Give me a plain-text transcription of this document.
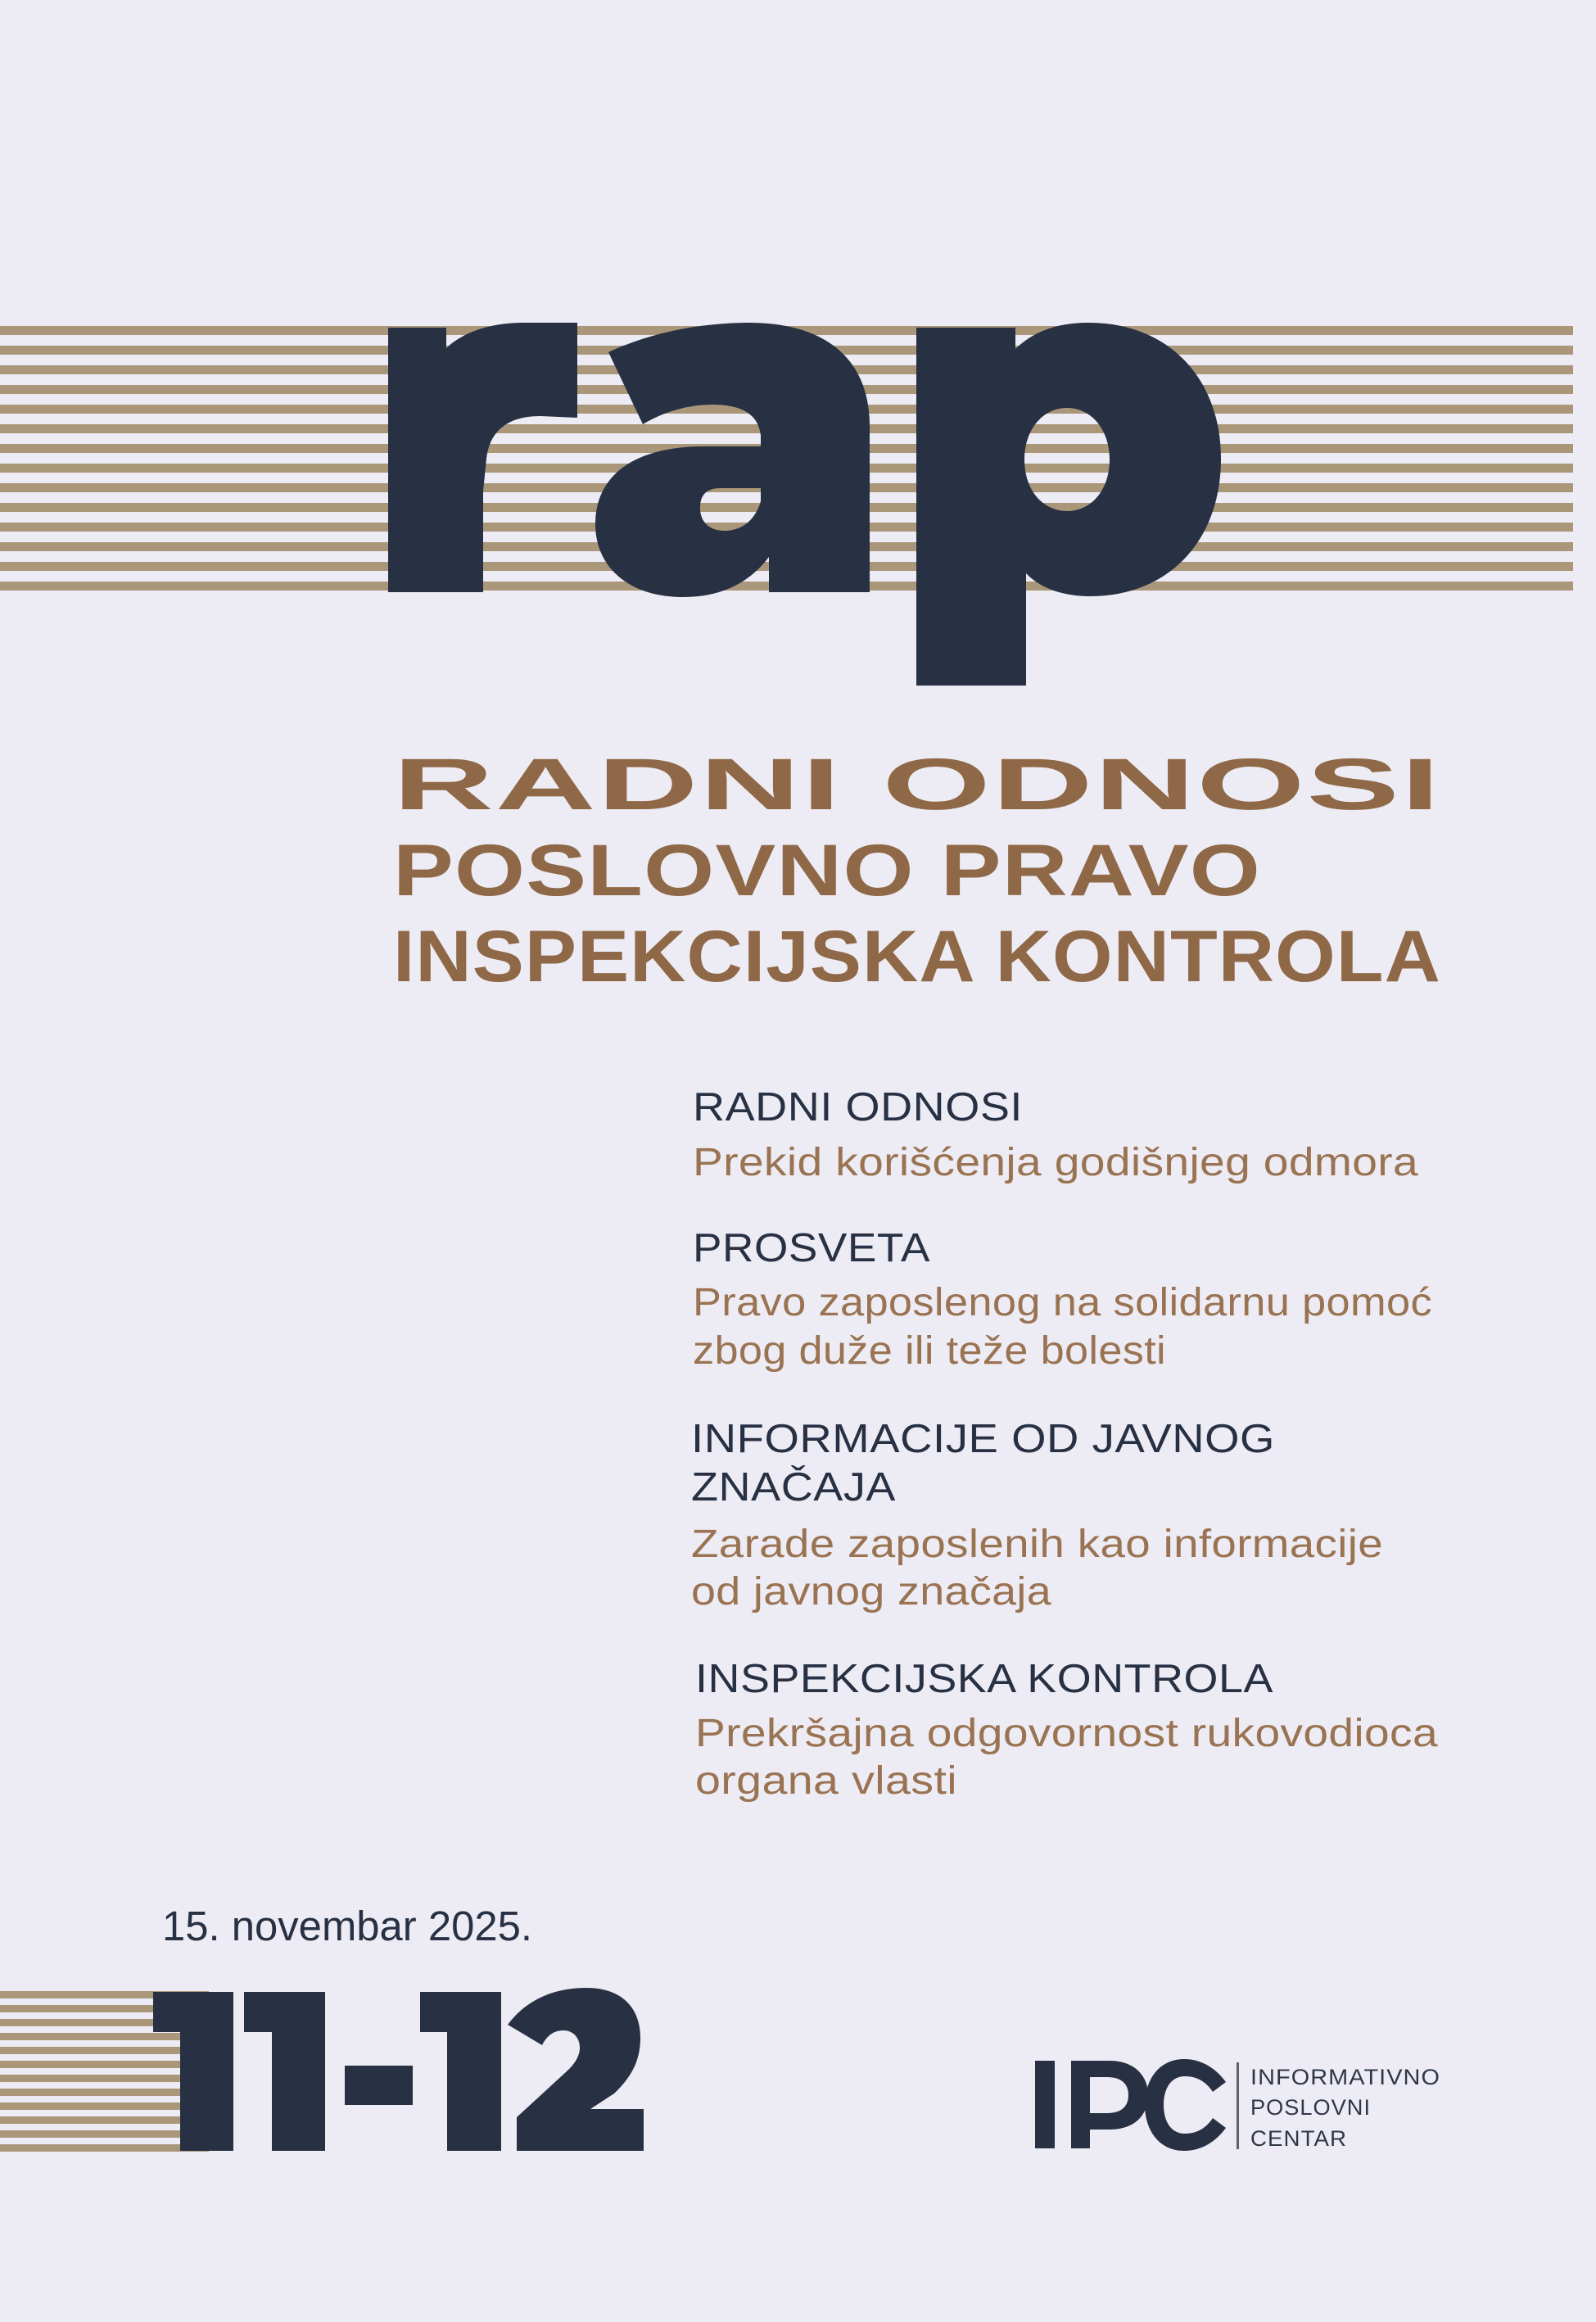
RADNI ODNOSI
POSLOVNO PRAVO
INSPEKCIJSKA KONTROLA
RADNI ODNOSI
Prekid korišćenja godišnjeg odmora
PROSVETA
Pravo zaposlenog na solidarnu pomoć
zbog duže ili teže bolesti
INFORMACIJE OD JAVNOG
ZNAČAJA
Zarade zaposlenih kao informacije
od javnog značaja
INSPEKCIJSKA KONTROLA
Prekršajna odgovornost rukovodioca
organa vlasti
15. novembar 2025.
INFORMATIVNO
POSLOVNI
CENTAR
